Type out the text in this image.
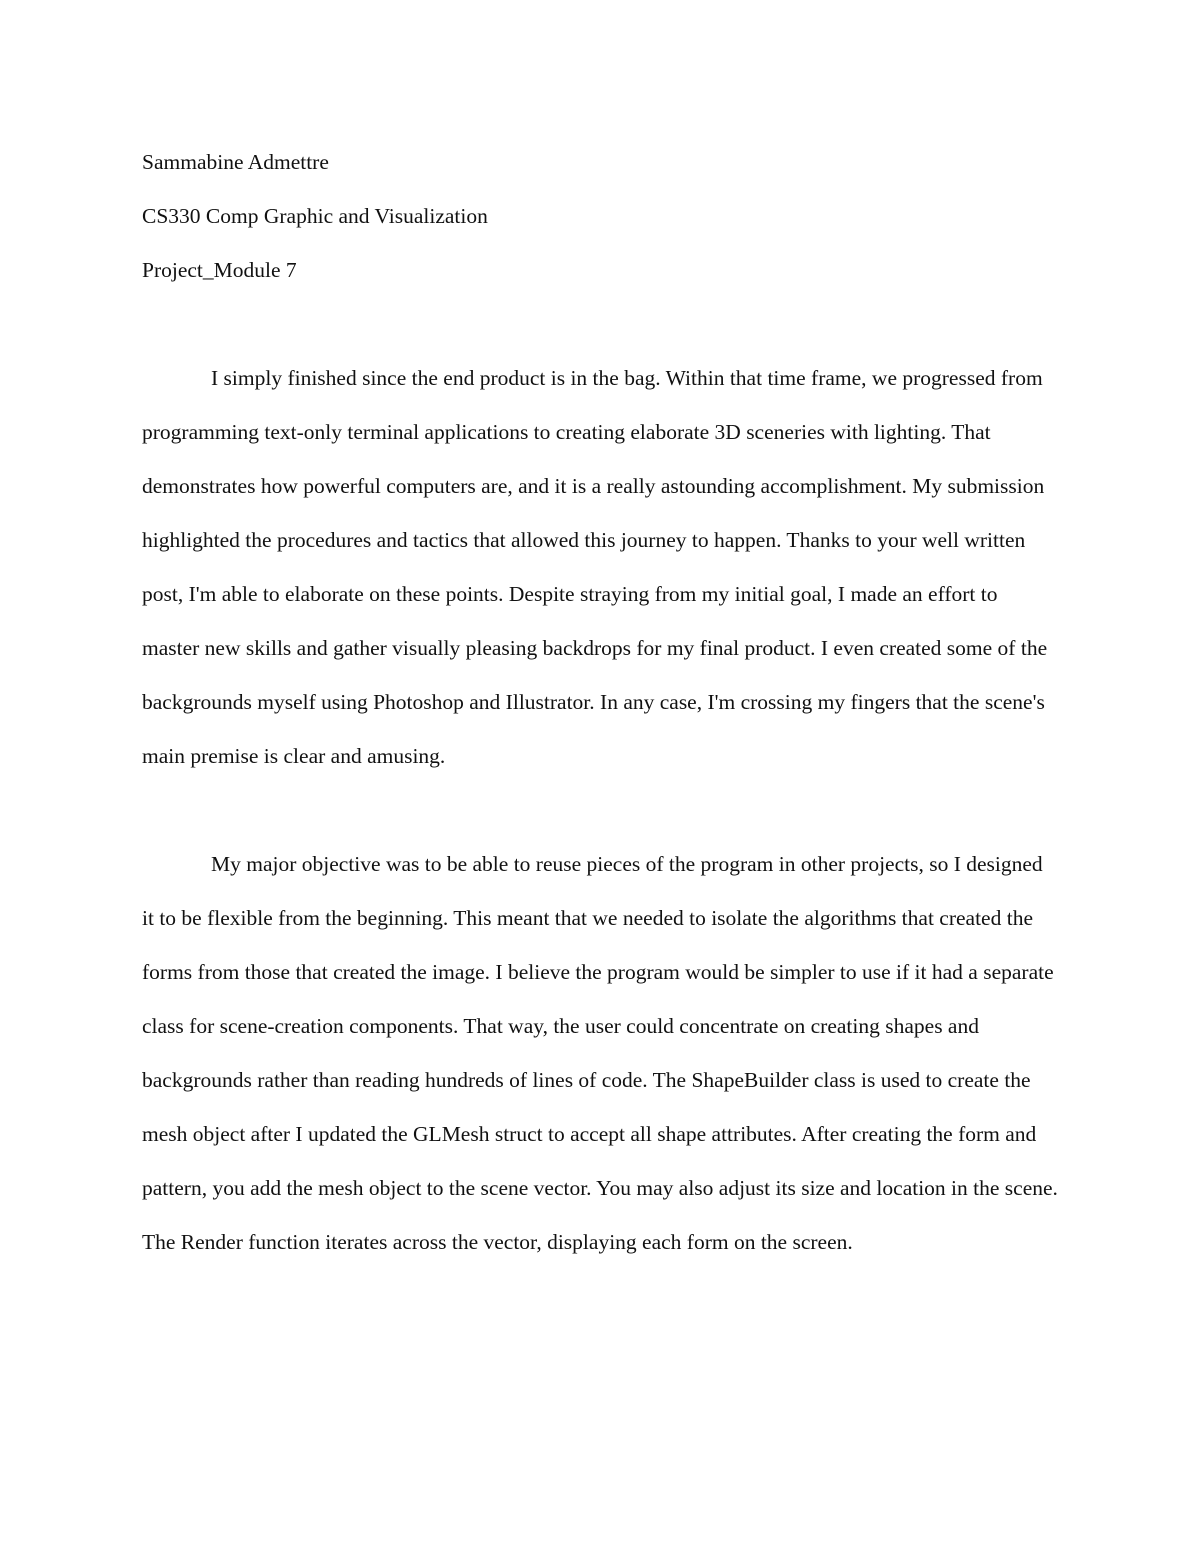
Sammabine Admettre

CS330 Comp Graphic and Visualization

Project_Module 7

I simply finished since the end product is in the bag. Within that time frame, we progressed from programming text-only terminal applications to creating elaborate 3D sceneries with lighting. That demonstrates how powerful computers are, and it is a really astounding accomplishment. My submission highlighted the procedures and tactics that allowed this journey to happen. Thanks to your well written post, I'm able to elaborate on these points. Despite straying from my initial goal, I made an effort to master new skills and gather visually pleasing backdrops for my final product. I even created some of the backgrounds myself using Photoshop and Illustrator. In any case, I'm crossing my fingers that the scene's main premise is clear and amusing.

My major objective was to be able to reuse pieces of the program in other projects, so I designed it to be flexible from the beginning. This meant that we needed to isolate the algorithms that created the forms from those that created the image. I believe the program would be simpler to use if it had a separate class for scene-creation components. That way, the user could concentrate on creating shapes and backgrounds rather than reading hundreds of lines of code. The ShapeBuilder class is used to create the mesh object after I updated the GLMesh struct to accept all shape attributes. After creating the form and pattern, you add the mesh object to the scene vector. You may also adjust its size and location in the scene. The Render function iterates across the vector, displaying each form on the screen.
